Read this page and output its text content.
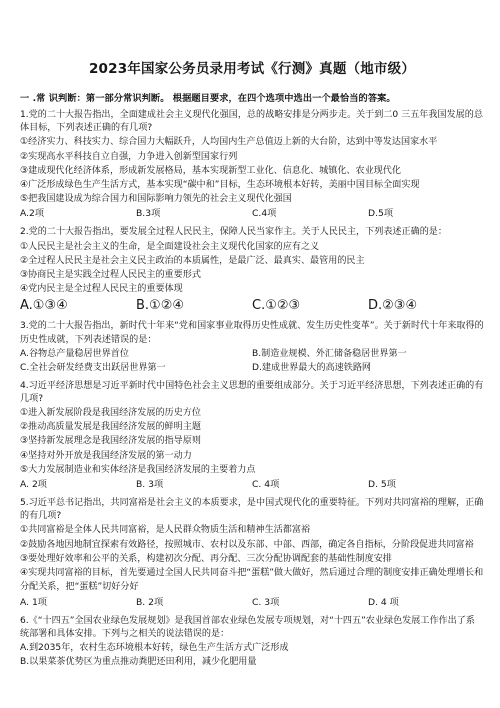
2023年国家公务员录用考试《行测》真题（地市级）
一 .常 识判断：第一部分常识判断。 根据题目要求，在四个选项中选出一个最恰当的答案。
1.党的二十大报告指出，全面建成社会主义现代化强国，总的战略安排是分两步走。关于到二0 三五年我国发展的总体目标，下列表述正确的有几项?
①经济实力、科技实力、综合国力大幅跃升，人均国内生产总值迈上新的大台阶，达到中等发达国家水平
②实现高水平科技自立自强，力争进入创新型国家行列
③建成现代化经济体系，形成新发展格局，基本实现新型工业化、信息化、城镇化、农业现代化
④广泛形成绿色生产生活方式，基本实现“碳中和”目标，生态环境根本好转，美丽中国目标全面实现
⑤把我国建设成为综合国力和国际影响力领先的社会主义现代化强国
A.2项	B.3项	C.4项	D.5项
2.党的二十大报告指出，要发展全过程人民民主，保障人民当家作主。关于人民民主，下列表述正确的是：
①人民民主是社会主义的生命，是全面建设社会主义现代化国家的应有之义
②全过程人民民主是社会主义民主政治的本质属性，是最广泛、最真实、最管用的民主
③协商民主是实践全过程人民民主的重要形式
④党内民主是全过程人民民主的重要体现
A.①③④	B.①②④	C.①②③	D.②③④
3.党的二十大报告指出，新时代十年来“党和国家事业取得历史性成就、发生历史性变革”。关于新时代十年来取得的历史性成就，下列表述错误的是：
A.谷物总产量稳居世界首位	B.制造业规模、外汇储备稳居世界第一
C.全社会研发经费支出跃居世界第一	D.建成世界最大的高速铁路网
4.习近平经济思想是习近平新时代中国特色社会主义思想的重要组成部分。关于习近平经济思想，下列表述正确的有几项?
①进入新发展阶段是我国经济发展的历史方位
②推动高质量发展是我国经济发展的鲜明主题
③坚持新发展理念是我国经济发展的指导原则
④坚持对外开放是我国经济发展的第一动力
⑤大力发展制造业和实体经济是我国经济发展的主要着力点
A. 2项	B. 3项	C. 4项	D. 5项
5.习近平总书记指出，共同富裕是社会主义的本质要求，是中国式现代化的重要特征。下列对共同富裕的理解，正确的有几项?
①共同富裕是全体人民共同富裕，是人民群众物质生活和精神生活都富裕
②鼓励各地因地制宜探索有效路径，按照城市、农村以及东部、中部、西部，确定各自指标，分阶段促进共同富裕
③要处理好效率和公平的关系，构建初次分配、再分配、三次分配协调配套的基础性制度安排
④实现共同富裕的目标，首先要通过全国人民共同奋斗把“蛋糕”做大做好，然后通过合理的制度安排正确处理增长和分配关系，把“蛋糕”切好分好
A. 1项	B. 2项	C. 3项	D. 4 项
6.《“十四五”全国农业绿色发展规划》是我国首部农业绿色发展专项规划，对“十四五”农业绿色发展工作作出了系统部署和具体安排。下列与之相关的说法错误的是：
A.到2035年，农村生态环境根本好转，绿色生产生活方式广泛形成
B.以果菜茶优势区为重点推动粪肥还田利用，减少化肥用量
